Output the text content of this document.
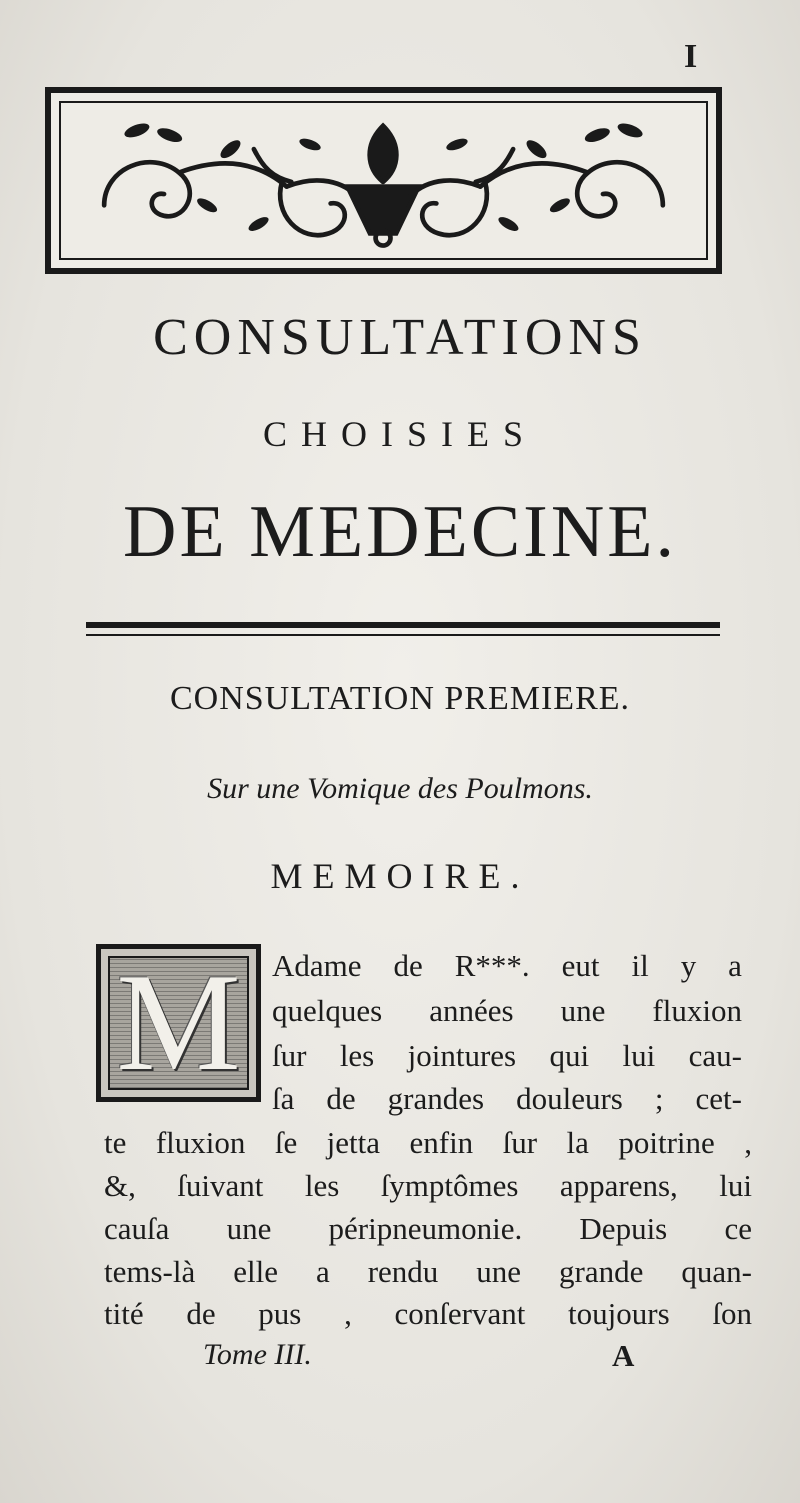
I
CONSULTATIONS
CHOISIES
DE MEDECINE.
CONSULTATION PREMIERE.
Sur une Vomique des Poulmons.
MEMOIRE.
M	Adame de R***. eut il y a
quelques années une fluxion
ſur les jointures qui lui cau-
ſa de grandes douleurs ; cet-
te fluxion ſe jetta enfin ſur la poitrine ,
&, ſuivant les ſymptômes apparens, lui
cauſa une péripneumonie. Depuis ce
tems-là elle a rendu une grande quan-
tité de pus , conſervant toujours ſon
Tome III.	A
